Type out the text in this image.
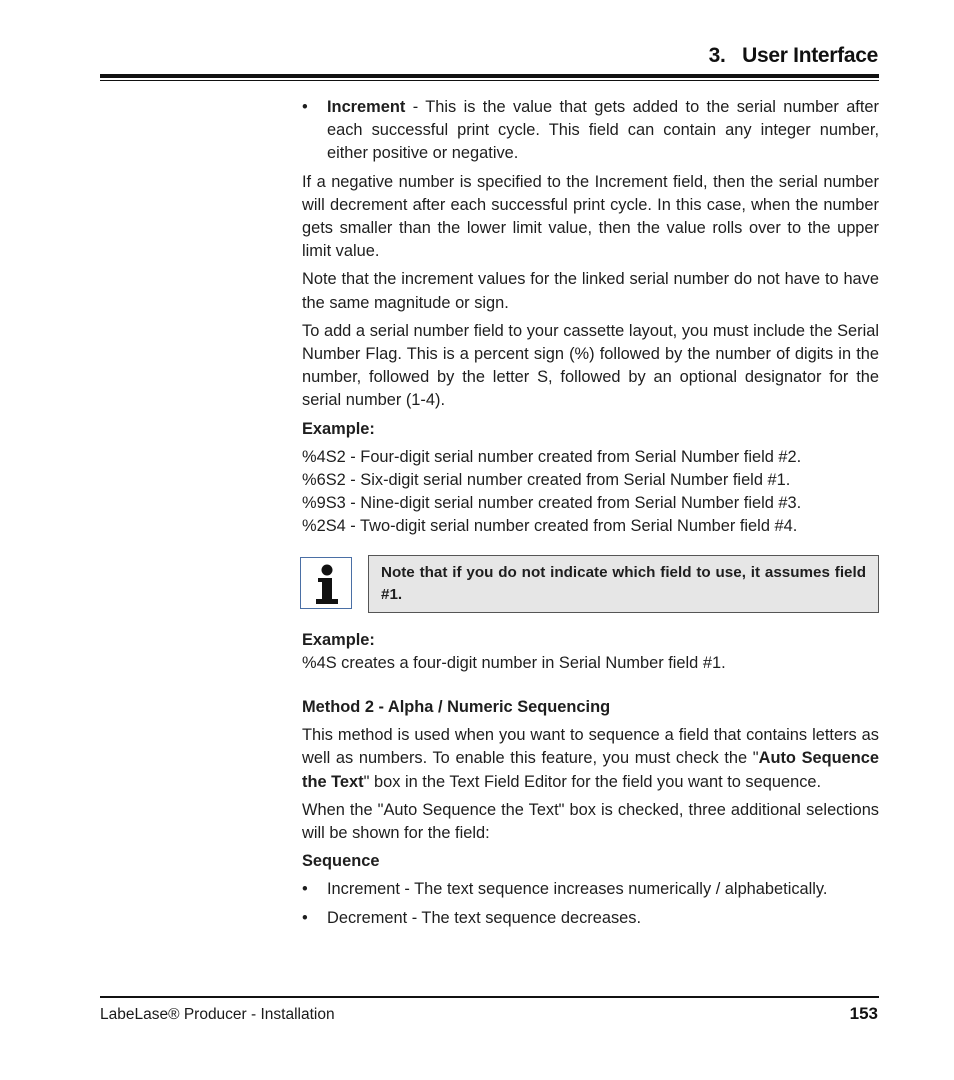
3.   User Interface
• Increment - This is the value that gets added to the serial number after each successful print cycle. This field can contain any integer number, either positive or negative.

If a negative number is specified to the Increment field, then the serial number will decrement after each successful print cycle. In this case, when the number gets smaller than the lower limit value, then the value rolls over to the upper limit value.

Note that the increment values for the linked serial number do not have to have the same magnitude or sign.

To add a serial number field to your cassette layout, you must include the Serial Number Flag. This is a percent sign (%) followed by the number of digits in the number, followed by the letter S, followed by an optional designator for the serial number (1-4).

Example:
%4S2 - Four-digit serial number created from Serial Number field #2.
%6S2 - Six-digit serial number created from Serial Number field #1.
%9S3 - Nine-digit serial number created from Serial Number field #3.
%2S4 - Two-digit serial number created from Serial Number field #4.
Note that if you do not indicate which field to use, it assumes field #1.
Example:

%4S creates a four-digit number in Serial Number field #1.

Method 2 - Alpha / Numeric Sequencing

This method is used when you want to sequence a field that contains letters as well as numbers. To enable this feature, you must check the "Auto Sequence the Text" box in the Text Field Editor for the field you want to sequence.

When the "Auto Sequence the Text" box is checked, three additional selections will be shown for the field:

Sequence
• Increment - The text sequence increases numerically / alphabetically.
• Decrement - The text sequence decreases.
LabeLase® Producer - Installation	153
